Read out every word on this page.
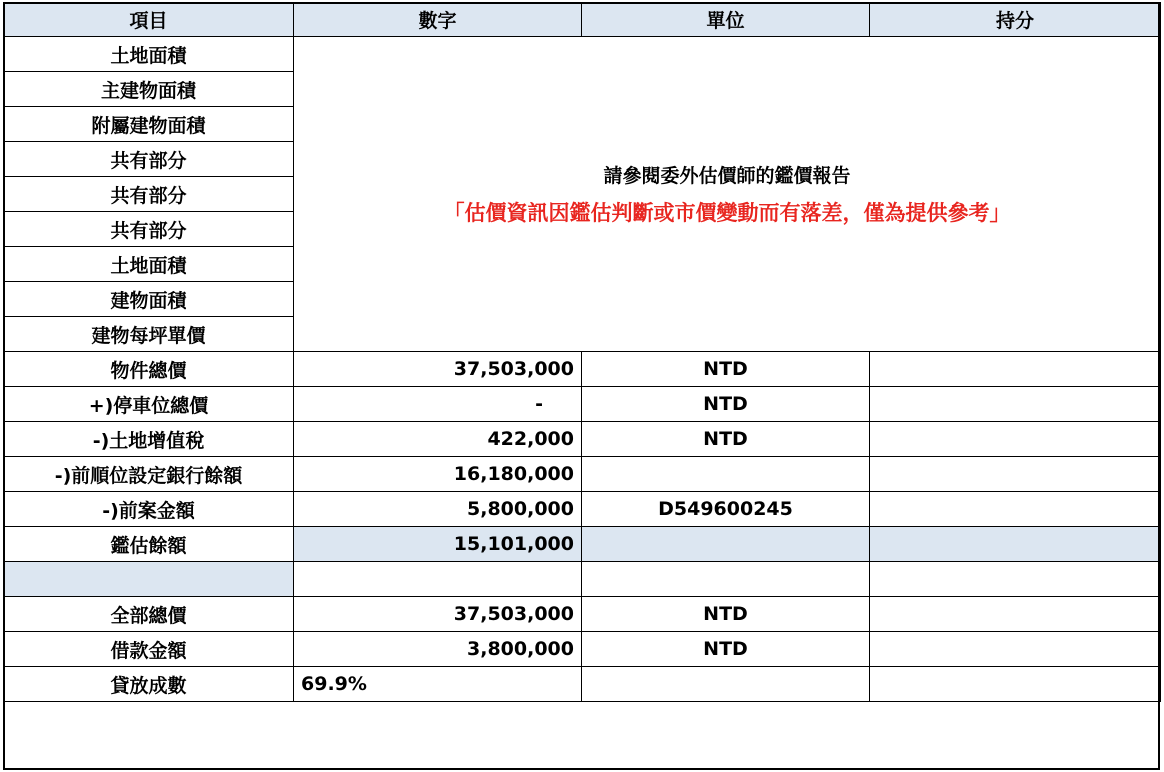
項目	數字	單位	持分
土地面積	請參閱委外估價師的鑑價報告
「估價資訊因鑑估判斷或市價變動而有落差，僅為提供參考」		

主建物面積			
附屬建物面積			
共有部分			
共有部分			
共有部分			
土地面積			
建物面積			
建物每坪單價			
物件總價	37,503,000	NTD	
+)停車位總價	-	NTD	
-)土地增值稅	422,000	NTD	
-)前順位設定銀行餘額	16,180,000		
-)前案金額	5,800,000	D549600245	
鑑估餘額	15,101,000		

全部總價	37,503,000	NTD	
借款金額	3,800,000	NTD	
貸放成數	69.9%		
